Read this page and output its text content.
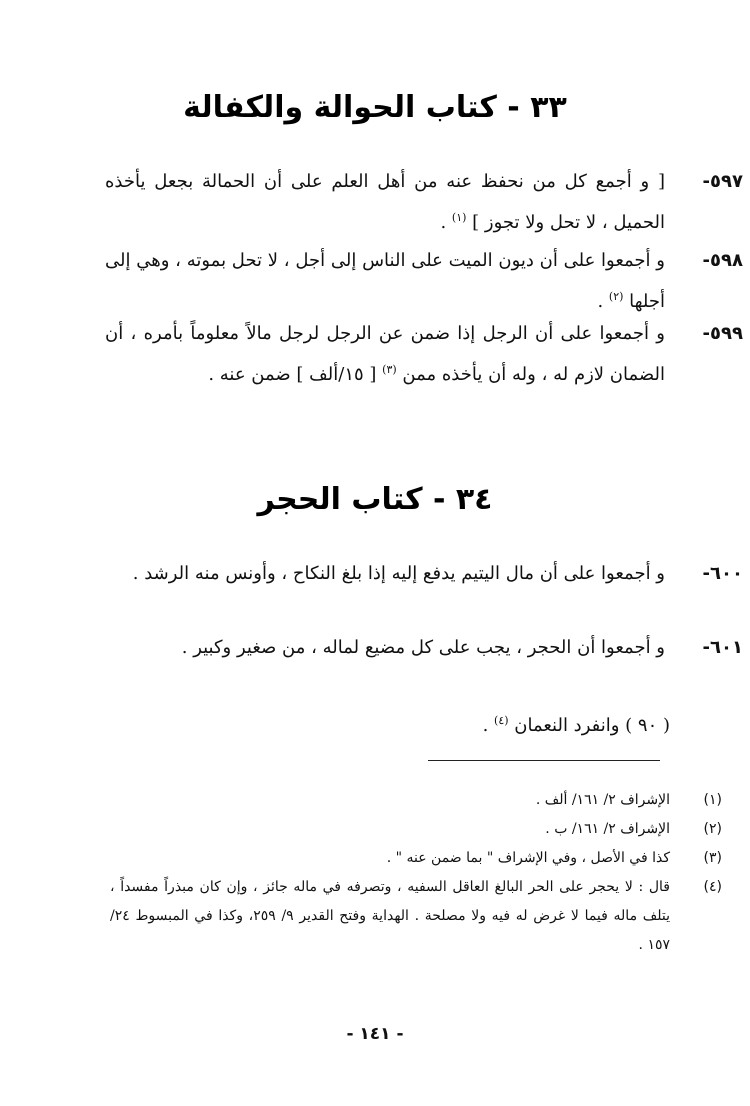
٣٣ - كتاب الحوالة والكفالة
٥٩٧-
[ و أجمع كل من نحفظ عنه من أهل العلم على أن الحمالة بجعل يأخذه الحميل ، لا تحل ولا تجوز ] $^{(١)}$ .
٥٩٨-
و أجمعوا على أن ديون الميت على الناس إلى أجل ، لا تحل بموته ، وهي إلى أجلها $^{(٢)}$ .
٥٩٩-
و أجمعوا على أن الرجل إذا ضمن عن الرجل لرجل مالاً معلوماً بأمره ، أن الضمان لازم له ، وله أن يأخذه ممن $^{(٣)}$ [ ١٥/ألف ] ضمن عنه .
٣٤ - كتاب الحجر
٦٠٠-
و أجمعوا على أن مال اليتيم يدفع إليه إذا بلغ النكاح ، وأونس منه الرشد .
٦٠١-
و أجمعوا أن الحجر ، يجب على كل مضيع لماله ، من صغير وكبير .
( ٩٠ ) وانفرد النعمان $^{(٤)}$ .
(١)
الإشراف ٢/ ١٦١/ ألف .
(٢)
الإشراف ٢/ ١٦١/ ب .
(٣)
كذا في الأصل ، وفي الإشراف " بما ضمن عنه " .
(٤)
قال : لا يحجر على الحر البالغ العاقل السفيه ، وتصرفه في ماله جائز ، وإن كان مبذراً مفسداً ، يتلف ماله فيما لا غرض له فيه ولا مصلحة . الهداية وفتح القدير ٩/ ٢٥٩، وكذا في المبسوط ٢٤/ ١٥٧ .
- ١٤١ -
